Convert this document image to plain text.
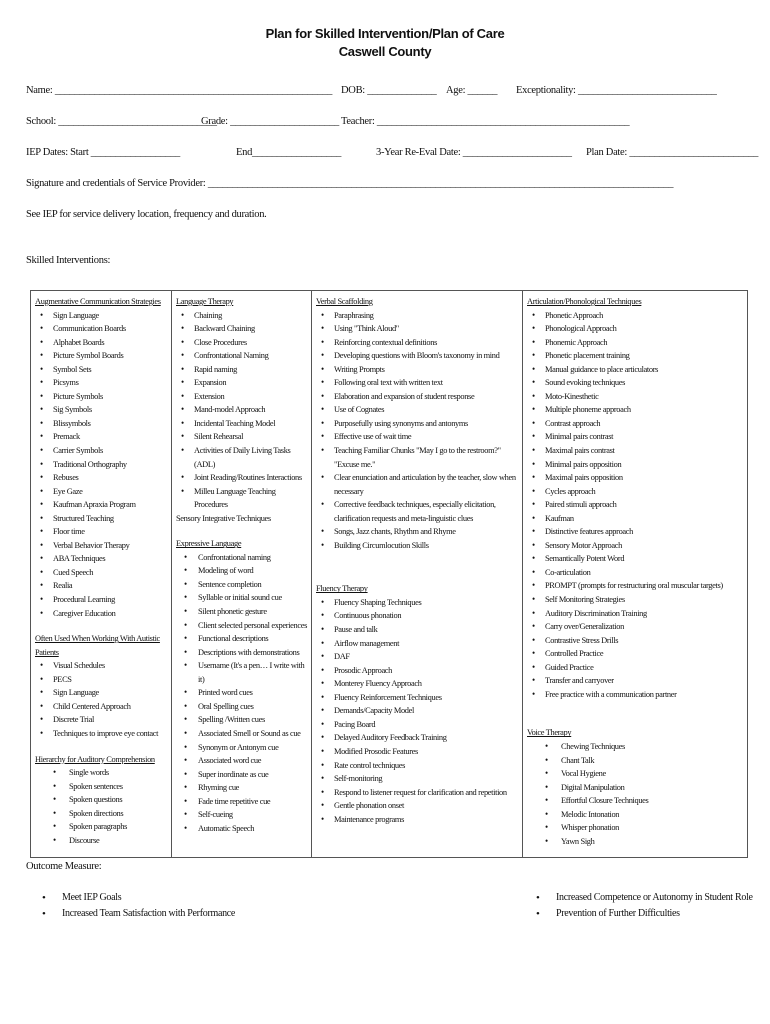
Plan for Skilled Intervention/Plan of Care
Caswell County
Name: ________________________________________________________ DOB: ______________ Age: ______ Exceptionality: ____________________________
School: ________________________________
Grade: ______________________ Teacher: ___________________________________________________
IEP Dates: Start __________________	End__________________	3-Year Re-Eval Date: ______________________ Plan Date: __________________________
Signature and credentials of Service Provider: ______________________________________________________________________________________________
See IEP for service delivery location, frequency and duration.
Skilled Interventions:
Augmentative Communication Strategies
• Sign Language
• Communication Boards
• Alphabet Boards
• Picture Symbol Boards
• Symbol Sets
• Picsyms
• Picture Symbols
• Sig Symbols
• Blissymbols
• Premack
• Carrier Symbols
• Traditional Orthography
• Rebuses
• Eye Gaze
• Kaufman Apraxia Program
• Structured Teaching
• Floor time
• Verbal Behavior Therapy
• ABA Techniques
• Cued Speech
• Realia
• Procedural Learning
• Caregiver Education
Often Used When Working With Autistic Patients
• Visual Schedules
• PECS
• Sign Language
• Child Centered Approach
• Discrete Trial
• Techniques to improve eye contact
Hierarchy for Auditory Comprehension
• Single words
• Spoken sentences
• Spoken questions
• Spoken directions
• Spoken paragraphs
• Discourse
Language Therapy
• Chaining
• Backward Chaining
• Close Procedures
• Confrontational Naming
• Rapid naming
• Expansion
• Extension
• Mand-model Approach
• Incidental Teaching Model
• Silent Rehearsal
• Activities of Daily Living Tasks (ADL)
• Joint Reading/Routines Interactions
• Milleu Language Teaching Procedures
Sensory Integrative Techniques
Expressive Language
• Confrontational naming
• Modeling of word
• Sentence completion
• Syllable or initial sound cue
• Silent phonetic gesture
• Client selected personal experiences
• Functional descriptions
• Descriptions with demonstrations
• Username (It's a pen… I write with it)
• Printed word cues
• Oral Spelling cues
• Spelling /Written cues
• Associated Smell or Sound as cue
• Synonym or Antonym cue
• Associated word cue
• Super inordinate as cue
• Rhyming cue
• Fade time repetitive cue
• Self-cueing
• Automatic Speech
Verbal Scaffolding
• Paraphrasing
• Using "Think Aloud"
• Reinforcing contextual definitions
• Developing questions with Bloom's taxonomy in mind
• Writing Prompts
• Following oral text with written text
• Elaboration and expansion of student response
• Use of Cognates
• Purposefully using synonyms and antonyms
• Effective use of wait time
• Teaching Familiar Chunks "May I go to the restroom?" "Excuse me."
• Clear enunciation and articulation by the teacher, slow when necessary
• Corrective feedback techniques, especially elicitation, clarification requests and meta-linguistic clues
• Songs, Jazz chants, Rhythm and Rhyme
• Building Circumlocution Skills
Fluency Therapy
• Fluency Shaping Techniques
• Continuous phonation
• Pause and talk
• Airflow management
• DAF
• Prosodic Approach
• Monterey Fluency Approach
• Fluency Reinforcement Techniques
• Demands/Capacity Model
• Pacing Board
• Delayed Auditory Feedback Training
• Modified Prosodic Features
• Rate control techniques
• Self-monitoring
• Respond to listener request for clarification and repetition
• Gentle phonation onset
• Maintenance programs
Articulation/Phonological Techniques
• Phonetic Approach
• Phonological Approach
• Phonemic Approach
• Phonetic placement training
• Manual guidance to place articulators
• Sound evoking techniques
• Moto-Kinesthetic
• Multiple phoneme approach
• Contrast approach
• Minimal pairs contrast
• Maximal pairs contrast
• Minimal pairs opposition
• Maximal pairs opposition
• Cycles approach
• Paired stimuli approach
• Kaufman
• Distinctive features approach
• Sensory Motor Approach
• Semantically Potent Word
• Co-articulation
• PROMPT (prompts for restructuring oral muscular targets)
• Self Monitoring Strategies
• Auditory Discrimination Training
• Carry over/Generalization
• Contrastive Stress Drills
• Controlled Practice
• Guided Practice
• Transfer and carryover
• Free practice with a communication partner
Voice Therapy
• Chewing Techniques
• Chant Talk
• Vocal Hygiene
• Digital Manipulation
• Effortful Closure Techniques
• Melodic Intonation
• Whisper phonation
• Yawn Sigh
Outcome Measure:
• Meet IEP Goals
• Increased Team Satisfaction with Performance
• Increased Competence or Autonomy in Student Role
• Prevention of Further Difficulties
